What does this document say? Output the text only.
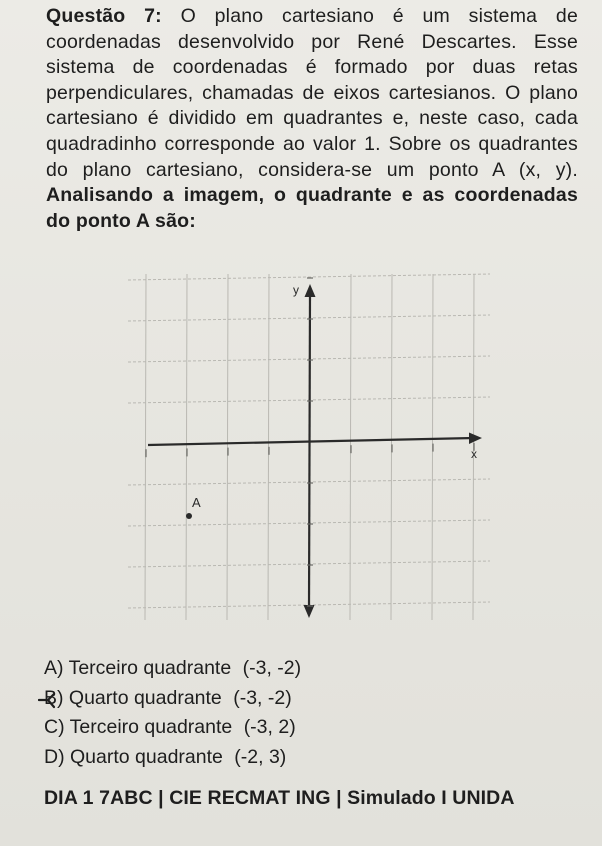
Questão 7: O plano cartesiano é um sistema de coordenadas desenvolvido por René Descartes. Esse sistema de coordenadas é formado por duas retas perpendiculares, chamadas de eixos cartesianos. O plano cartesiano é dividido em quadrantes e, neste caso, cada quadradinho corresponde ao valor 1. Sobre os quadrantes do plano cartesiano, considera-se um ponto A (x, y). Analisando a imagem, o quadrante e as coordenadas do ponto A são:
y
x
A
A) Terceiro quadrante (-3, -2)
B) Quarto quadrante (-3, -2)
C) Terceiro quadrante (-3, 2)
D) Quarto quadrante (-2, 3)
DIA 1 7ABC | CIE RECMAT ING | Simulado I UNIDA
